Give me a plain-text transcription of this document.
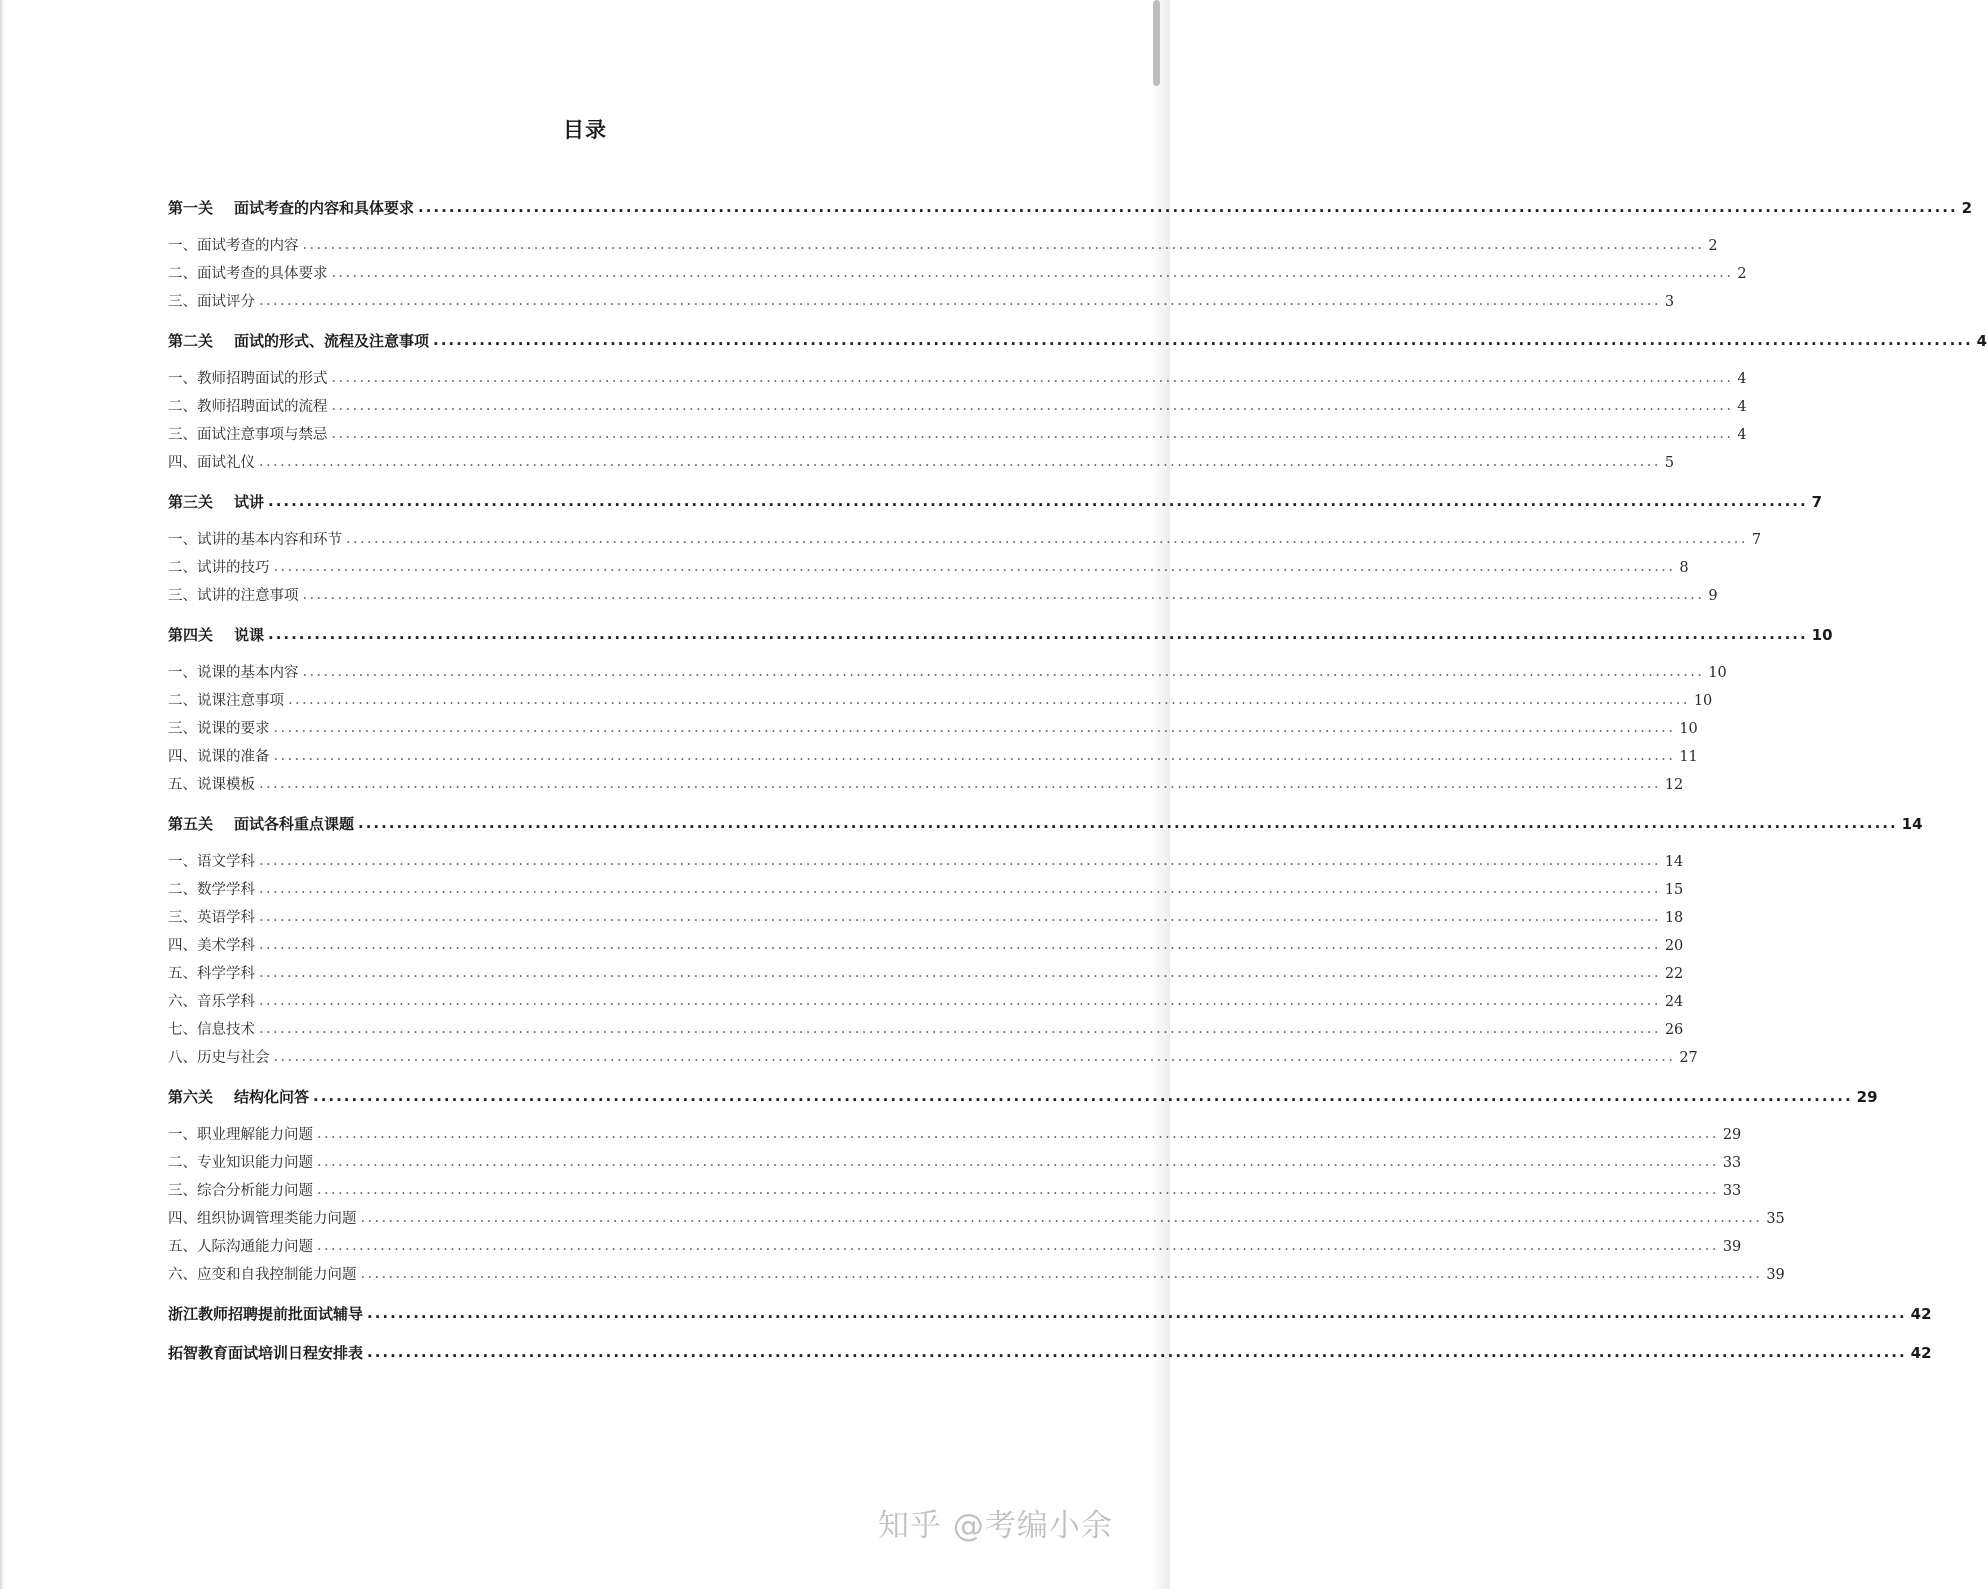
目录
第一关 面试考查的内容和具体要求 ........................................................................................................................................................................................................ 2
一、面试考查的内容 ........................................................................................................................................................................................................ 2
二、面试考查的具体要求 ........................................................................................................................................................................................................ 2
三、面试评分 ........................................................................................................................................................................................................ 3
第二关 面试的形式、流程及注意事项 ........................................................................................................................................................................................................ 4
一、教师招聘面试的形式 ........................................................................................................................................................................................................ 4
二、教师招聘面试的流程 ........................................................................................................................................................................................................ 4
三、面试注意事项与禁忌 ........................................................................................................................................................................................................ 4
四、面试礼仪 ........................................................................................................................................................................................................ 5
第三关 试讲 ........................................................................................................................................................................................................ 7
一、试讲的基本内容和环节 ........................................................................................................................................................................................................ 7
二、试讲的技巧 ........................................................................................................................................................................................................ 8
三、试讲的注意事项 ........................................................................................................................................................................................................ 9
第四关 说课 ........................................................................................................................................................................................................ 10
一、说课的基本内容 ........................................................................................................................................................................................................ 10
二、说课注意事项 ........................................................................................................................................................................................................ 10
三、说课的要求 ........................................................................................................................................................................................................ 10
四、说课的准备 ........................................................................................................................................................................................................ 11
五、说课模板 ........................................................................................................................................................................................................ 12
第五关 面试各科重点课题 ........................................................................................................................................................................................................ 14
一、语文学科 ........................................................................................................................................................................................................ 14
二、数学学科 ........................................................................................................................................................................................................ 15
三、英语学科 ........................................................................................................................................................................................................ 18
四、美术学科 ........................................................................................................................................................................................................ 20
五、科学学科 ........................................................................................................................................................................................................ 22
六、音乐学科 ........................................................................................................................................................................................................ 24
七、信息技术 ........................................................................................................................................................................................................ 26
八、历史与社会 ........................................................................................................................................................................................................ 27
第六关 结构化问答 ........................................................................................................................................................................................................ 29
一、职业理解能力问题 ........................................................................................................................................................................................................ 29
二、专业知识能力问题 ........................................................................................................................................................................................................ 33
三、综合分析能力问题 ........................................................................................................................................................................................................ 33
四、组织协调管理类能力问题 ........................................................................................................................................................................................................ 35
五、人际沟通能力问题 ........................................................................................................................................................................................................ 39
六、应变和自我控制能力问题 ........................................................................................................................................................................................................ 39
浙江教师招聘提前批面试辅导 ........................................................................................................................................................................................................ 42
拓智教育面试培训日程安排表 ........................................................................................................................................................................................................ 42
知乎 @考编小余
